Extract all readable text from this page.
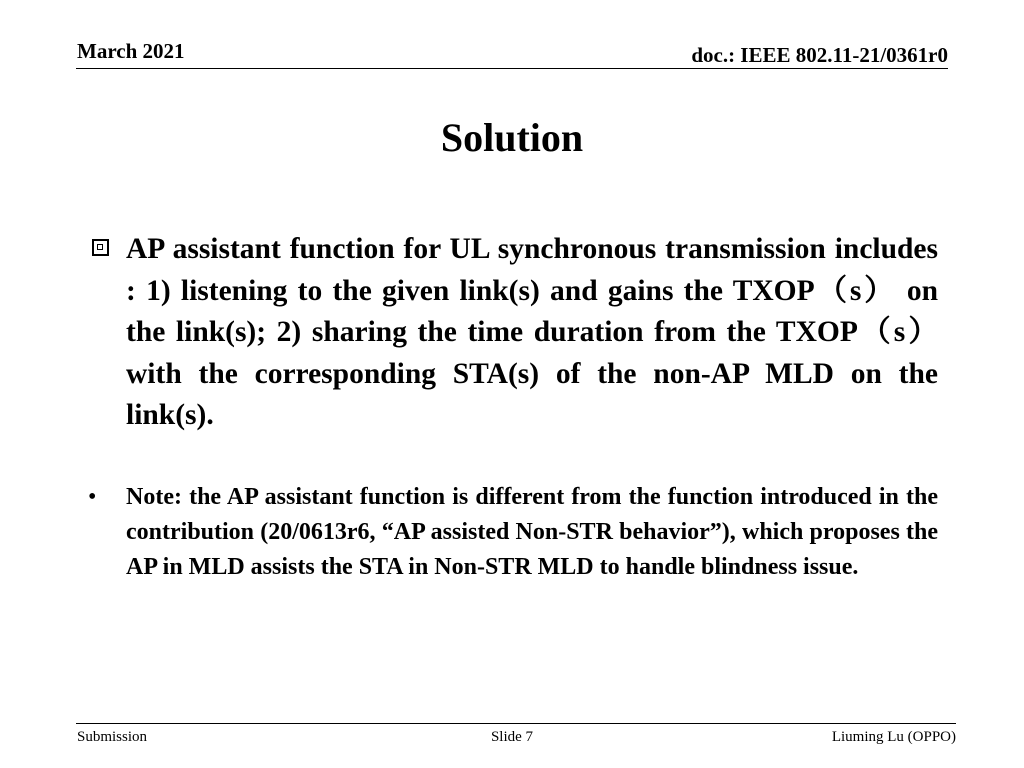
March 2021	doc.: IEEE 802.11-21/0361r0
Solution
AP assistant function for UL synchronous transmission includes : 1) listening to the given link(s) and gains the TXOP（s） on the link(s); 2) sharing the time duration from the TXOP（s） with the corresponding STA(s) of the non-AP MLD on the link(s).
• Note: the AP assistant function is different from the function introduced in the contribution (20/0613r6, “AP assisted Non-STR behavior”), which proposes the AP in MLD assists the STA in Non-STR MLD to handle blindness issue.
Submission	Slide 7	Liuming Lu (OPPO)
